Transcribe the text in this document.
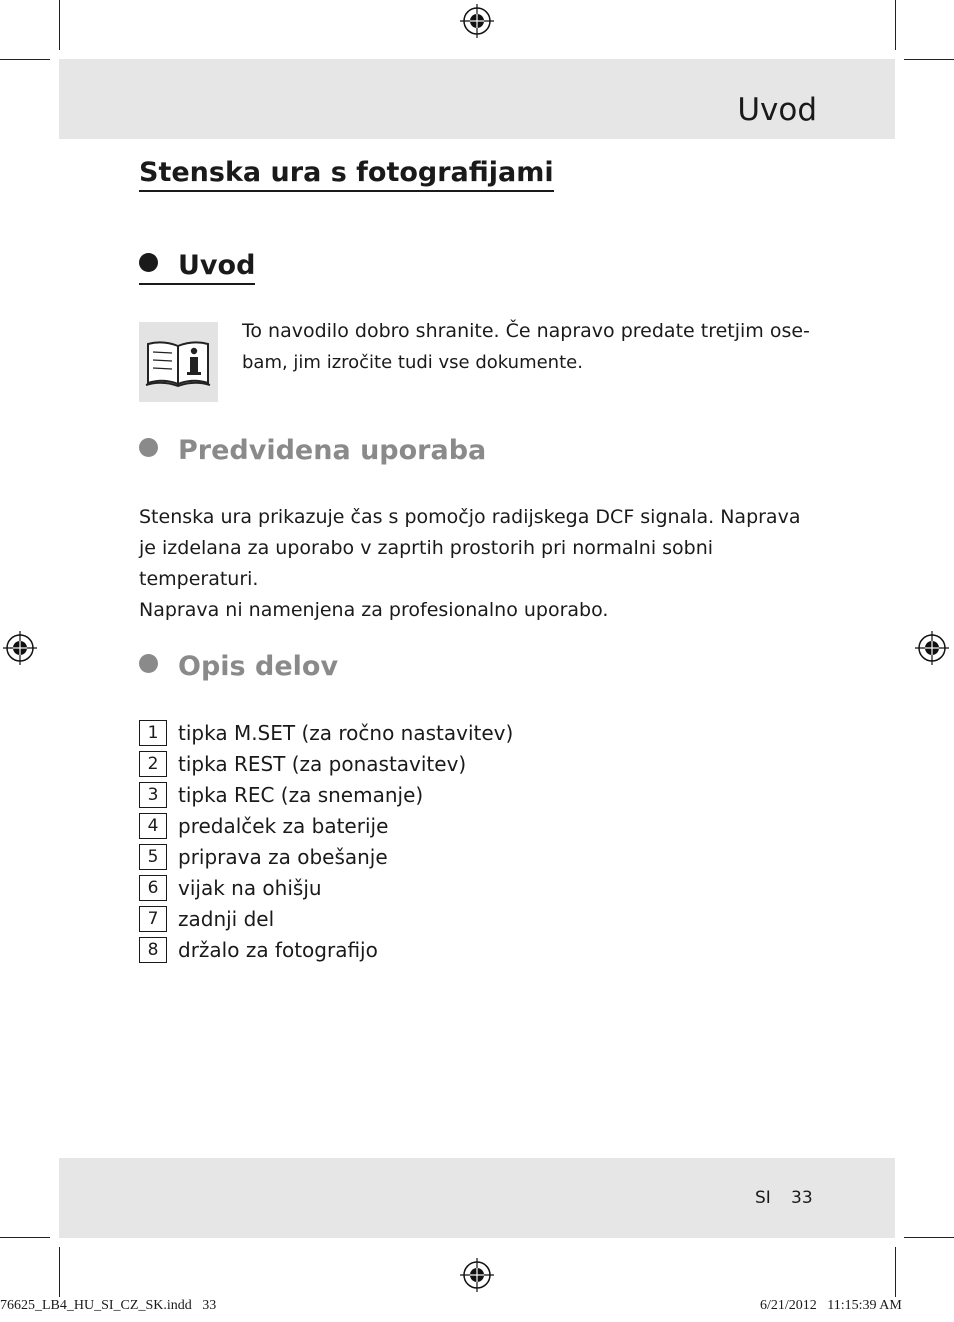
Uvod
Stenska ura s fotografijami
Uvod
To navodilo dobro shranite. Če napravo predate tretjim ose-
bam, jim izročite tudi vse dokumente.
Predvidena uporaba
Stenska ura prikazuje čas s pomočjo radijskega DCF signala. Naprava
je izdelana za uporabo v zaprtih prostorih pri normalni sobni temperaturi.
Naprava ni namenjena za profesionalno uporabo.
Opis delov
1 tipka M.SET (za ročno nastavitev)
2 tipka REST (za ponastavitev)
3 tipka REC (za snemanje)
4 predalček za baterije
5 priprava za obešanje
6 vijak na ohišju
7 zadnji del
8 držalo za fotografijo
SI 33
76625_LB4_HU_SI_CZ_SK.indd   33	6/21/2012   11:15:39 AM
